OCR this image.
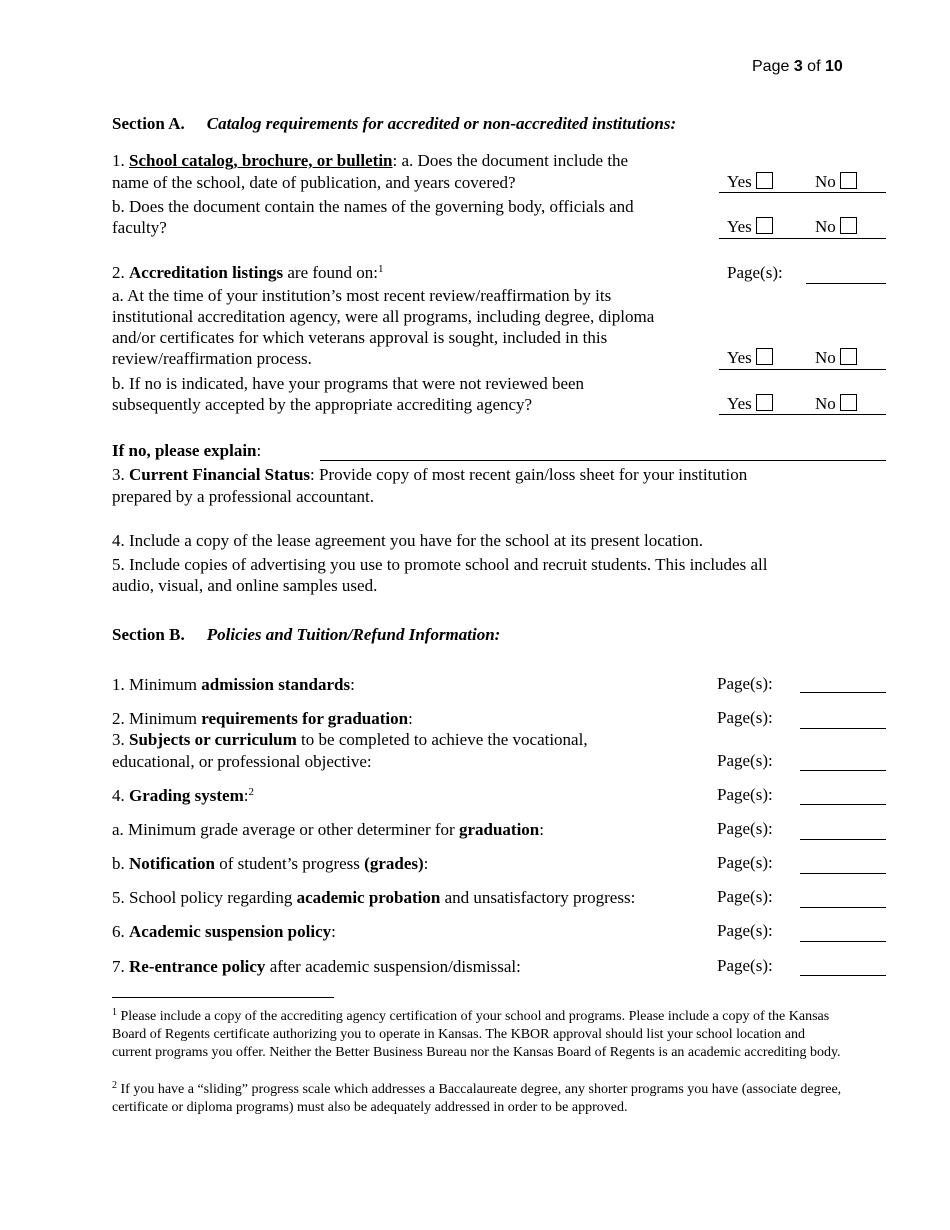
Page 3 of 10
Section A. Catalog requirements for accredited or non-accredited institutions:
1. School catalog, brochure, or bulletin: a. Does the document include the
name of the school, date of publication, and years covered?	Yes	No
b. Does the document contain the names of the governing body, officials and
faculty?	Yes	No
2. Accreditation listings are found on:$^1$	Page(s):
a. At the time of your institution’s most recent review/reaffirmation by its
institutional accreditation agency, were all programs, including degree, diploma
and/or certificates for which veterans approval is sought, included in this
review/reaffirmation process.	Yes	No
b. If no is indicated, have your programs that were not reviewed been
subsequently accepted by the appropriate accrediting agency?	Yes	No
If no, please explain:
3. Current Financial Status: Provide copy of most recent gain/loss sheet for your institution
prepared by a professional accountant.
4. Include a copy of the lease agreement you have for the school at its present location.
5. Include copies of advertising you use to promote school and recruit students. This includes all
audio, visual, and online samples used.
Section B. Policies and Tuition/Refund Information:
1. Minimum admission standards:	Page(s):
2. Minimum requirements for graduation:	Page(s):
3. Subjects or curriculum to be completed to achieve the vocational,
educational, or professional objective:	Page(s):
4. Grading system:$^2$	Page(s):
a. Minimum grade average or other determiner for graduation:	Page(s):
b. Notification of student’s progress (grades):	Page(s):
5. School policy regarding academic probation and unsatisfactory progress:	Page(s):
6. Academic suspension policy:	Page(s):
7. Re-entrance policy after academic suspension/dismissal:	Page(s):
$^1$ Please include a copy of the accrediting agency certification of your school and programs. Please include a copy of the Kansas Board of Regents certificate authorizing you to operate in Kansas. The KBOR approval should list your school location and current programs you offer. Neither the Better Business Bureau nor the Kansas Board of Regents is an academic accrediting body.
$^2$ If you have a “sliding” progress scale which addresses a Baccalaureate degree, any shorter programs you have (associate degree, certificate or diploma programs) must also be adequately addressed in order to be approved.
